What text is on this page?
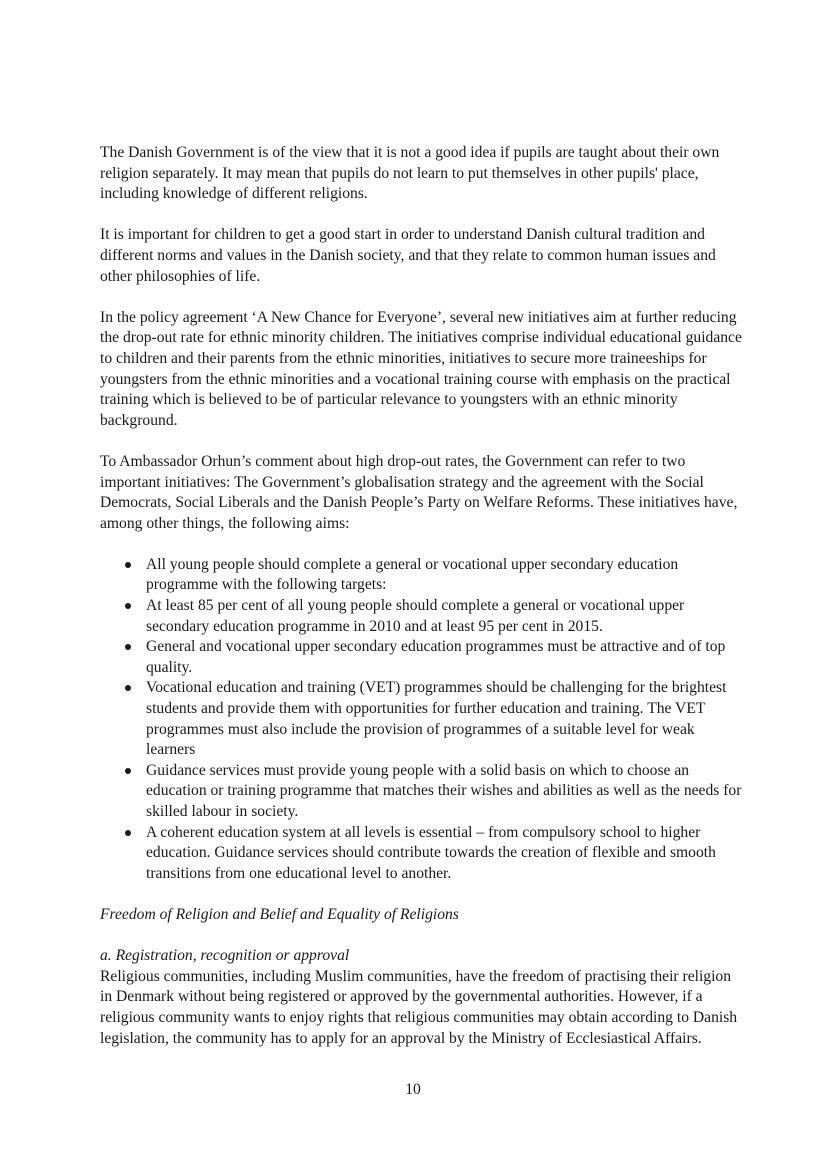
The Danish Government is of the view that it is not a good idea if pupils are taught about their own religion separately. It may mean that pupils do not learn to put themselves in other pupils' place, including knowledge of different religions.

It is important for children to get a good start in order to understand Danish cultural tradition and different norms and values in the Danish society, and that they relate to common human issues and other philosophies of life.

In the policy agreement ‘A New Chance for Everyone’, several new initiatives aim at further reducing the drop-out rate for ethnic minority children. The initiatives comprise individual educational guidance to children and their parents from the ethnic minorities, initiatives to secure more traineeships for youngsters from the ethnic minorities and a vocational training course with emphasis on the practical training which is believed to be of particular relevance to youngsters with an ethnic minority background.

To Ambassador Orhun’s comment about high drop-out rates, the Government can refer to two important initiatives: The Government’s globalisation strategy and the agreement with the Social Democrats, Social Liberals and the Danish People’s Party on Welfare Reforms. These initiatives have, among other things, the following aims:

All young people should complete a general or vocational upper secondary education programme with the following targets:
At least 85 per cent of all young people should complete a general or vocational upper secondary education programme in 2010 and at least 95 per cent in 2015.
General and vocational upper secondary education programmes must be attractive and of top quality.
Vocational education and training (VET) programmes should be challenging for the brightest students and provide them with opportunities for further education and training. The VET programmes must also include the provision of programmes of a suitable level for weak learners
Guidance services must provide young people with a solid basis on which to choose an education or training programme that matches their wishes and abilities as well as the needs for skilled labour in society.
A coherent education system at all levels is essential – from compulsory school to higher education. Guidance services should contribute towards the creation of flexible and smooth transitions from one educational level to another.

Freedom of Religion and Belief and Equality of Religions

a. Registration, recognition or approval

Religious communities, including Muslim communities, have the freedom of practising their religion in Denmark without being registered or approved by the governmental authorities. However, if a religious community wants to enjoy rights that religious communities may obtain according to Danish legislation, the community has to apply for an approval by the Ministry of Ecclesiastical Affairs.

10
